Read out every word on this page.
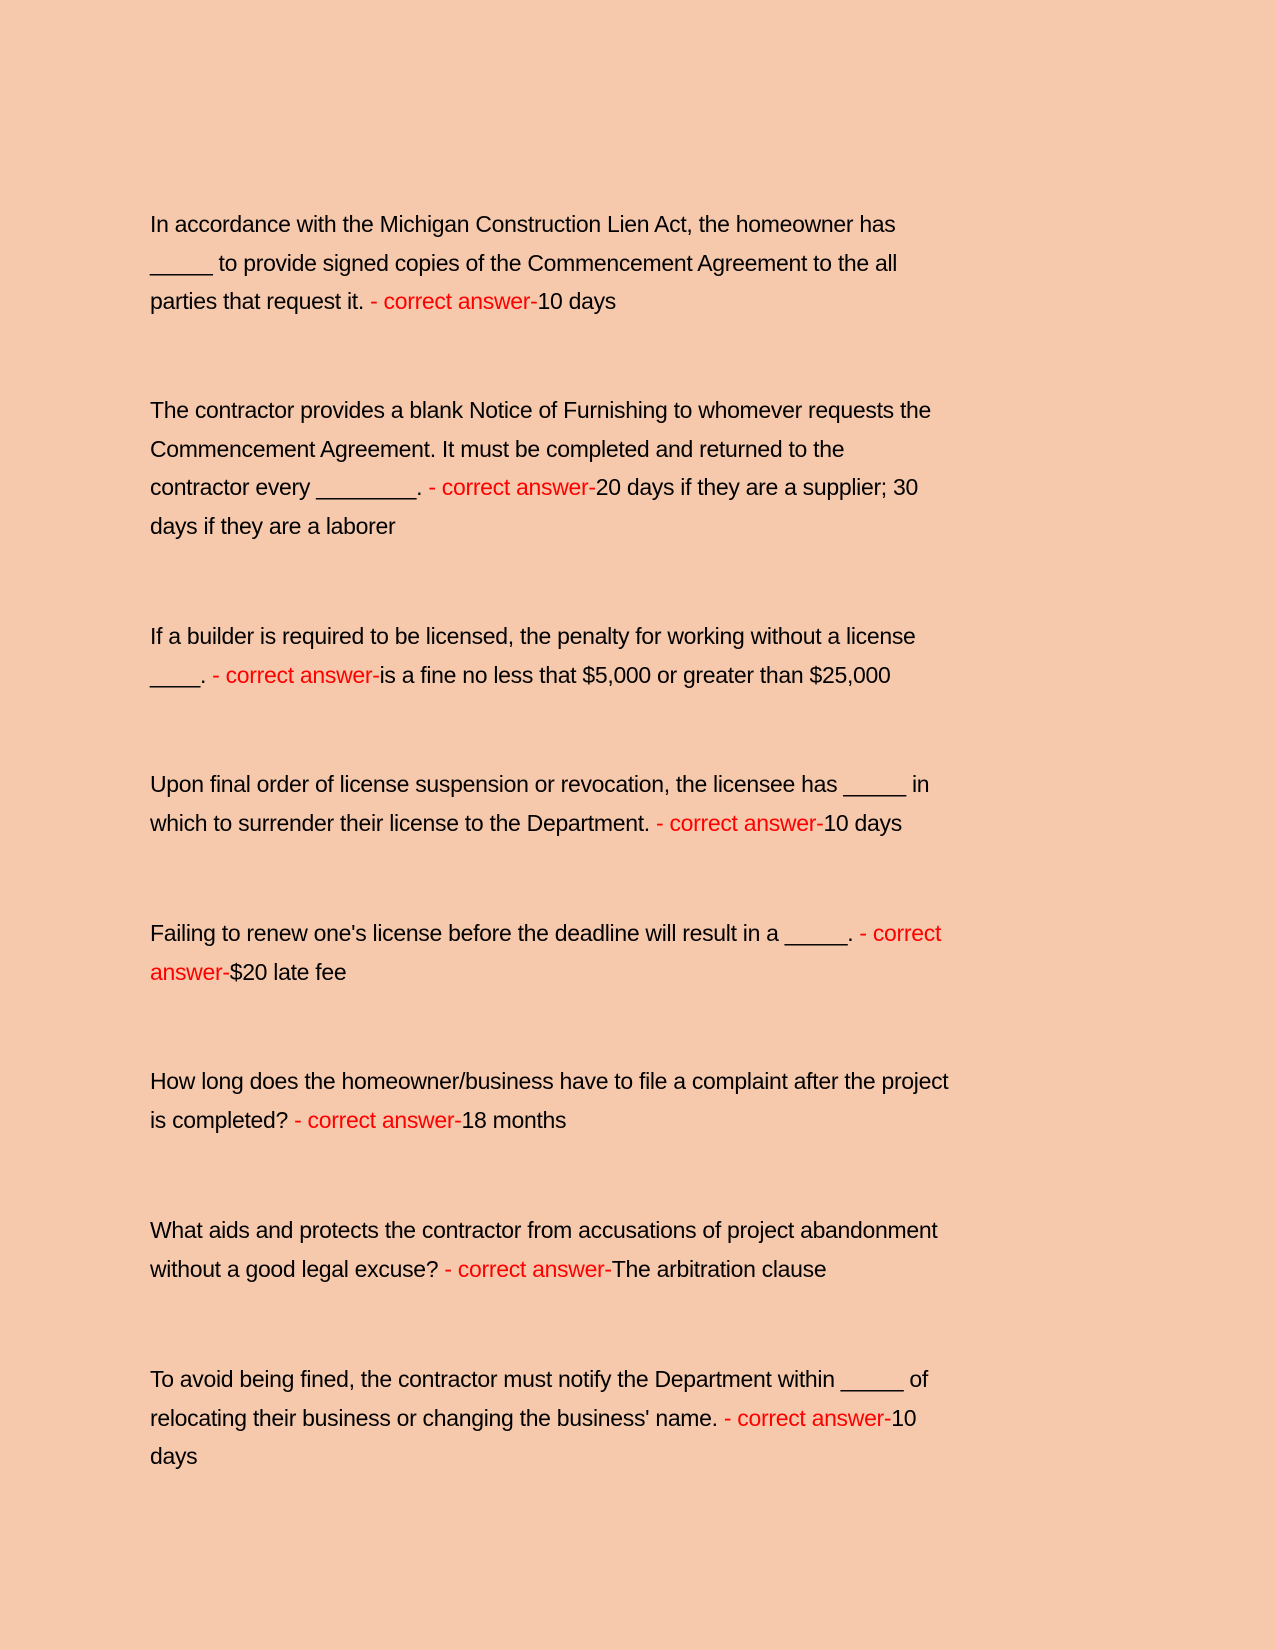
In accordance with the Michigan Construction Lien Act, the homeowner has
_____ to provide signed copies of the Commencement Agreement to the all
parties that request it. - correct answer-10 days
The contractor provides a blank Notice of Furnishing to whomever requests the
Commencement Agreement. It must be completed and returned to the
contractor every ________. - correct answer-20 days if they are a supplier; 30
days if they are a laborer
If a builder is required to be licensed, the penalty for working without a license
____. - correct answer-is a fine no less that $5,000 or greater than $25,000
Upon final order of license suspension or revocation, the licensee has _____ in
which to surrender their license to the Department. - correct answer-10 days
Failing to renew one's license before the deadline will result in a _____. - correct
answer-$20 late fee
How long does the homeowner/business have to file a complaint after the project
is completed? - correct answer-18 months
What aids and protects the contractor from accusations of project abandonment
without a good legal excuse? - correct answer-The arbitration clause
To avoid being fined, the contractor must notify the Department within _____ of
relocating their business or changing the business' name. - correct answer-10
days
